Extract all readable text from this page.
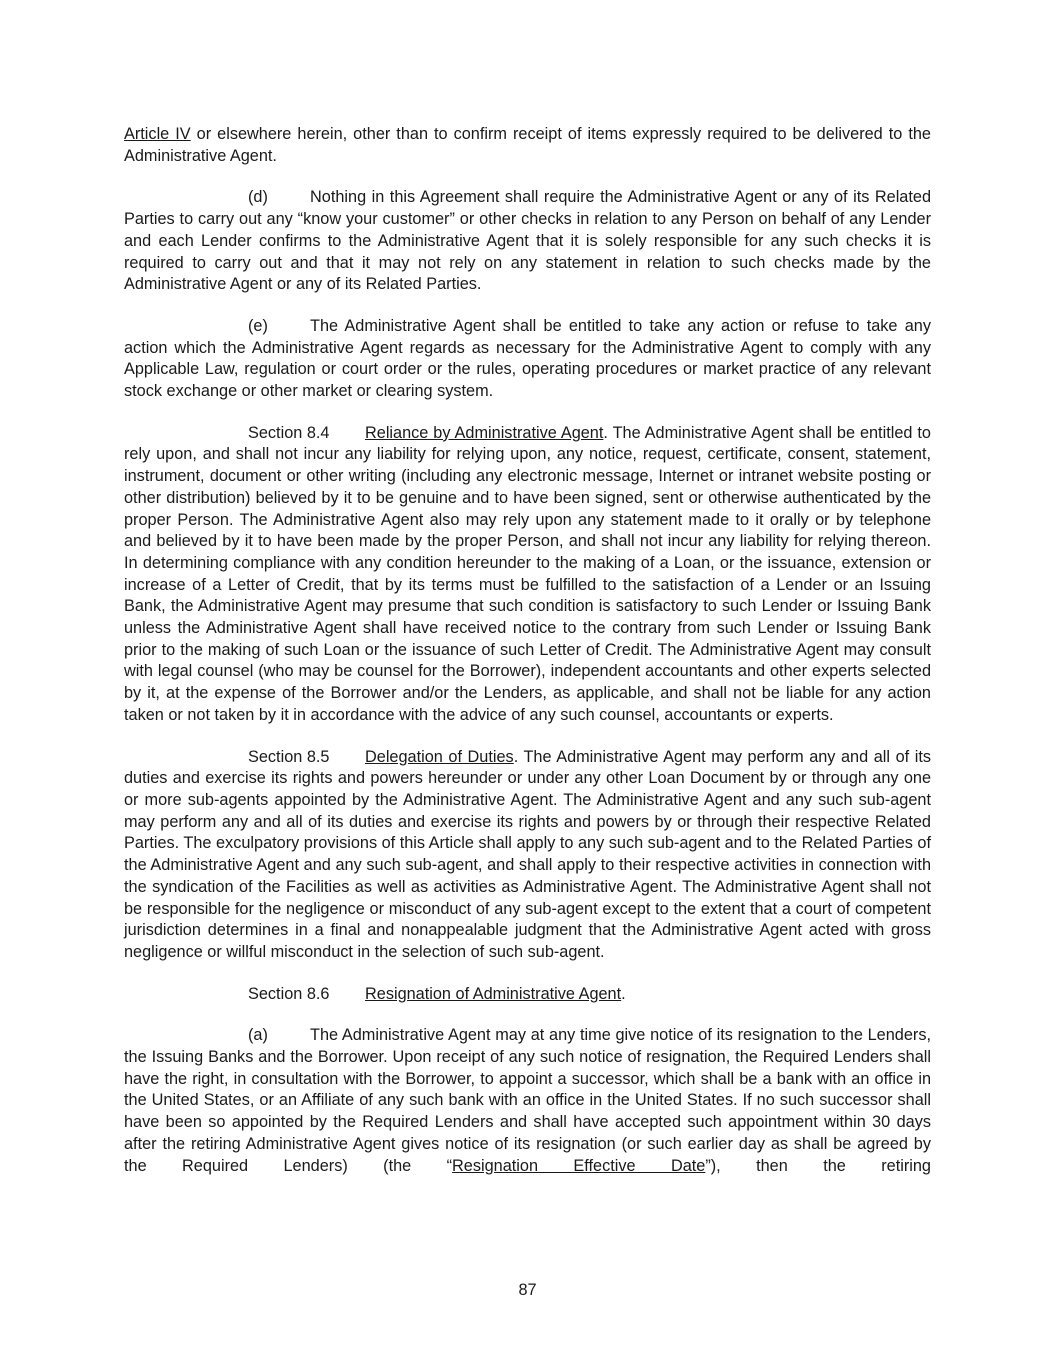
Article IV or elsewhere herein, other than to confirm receipt of items expressly required to be delivered to the Administrative Agent.

(d)	Nothing in this Agreement shall require the Administrative Agent or any of its Related Parties to carry out any “know your customer” or other checks in relation to any Person on behalf of any Lender and each Lender confirms to the Administrative Agent that it is solely responsible for any such checks it is required to carry out and that it may not rely on any statement in relation to such checks made by the Administrative Agent or any of its Related Parties.

(e)	The Administrative Agent shall be entitled to take any action or refuse to take any action which the Administrative Agent regards as necessary for the Administrative Agent to comply with any Applicable Law, regulation or court order or the rules, operating procedures or market practice of any relevant stock exchange or other market or clearing system.

Section 8.4 Reliance by Administrative Agent. The Administrative Agent shall be entitled to rely upon, and shall not incur any liability for relying upon, any notice, request, certificate, consent, statement, instrument, document or other writing (including any electronic message, Internet or intranet website posting or other distribution) believed by it to be genuine and to have been signed, sent or otherwise authenticated by the proper Person. The Administrative Agent also may rely upon any statement made to it orally or by telephone and believed by it to have been made by the proper Person, and shall not incur any liability for relying thereon. In determining compliance with any condition hereunder to the making of a Loan, or the issuance, extension or increase of a Letter of Credit, that by its terms must be fulfilled to the satisfaction of a Lender or an Issuing Bank, the Administrative Agent may presume that such condition is satisfactory to such Lender or Issuing Bank unless the Administrative Agent shall have received notice to the contrary from such Lender or Issuing Bank prior to the making of such Loan or the issuance of such Letter of Credit. The Administrative Agent may consult with legal counsel (who may be counsel for the Borrower), independent accountants and other experts selected by it, at the expense of the Borrower and/or the Lenders, as applicable, and shall not be liable for any action taken or not taken by it in accordance with the advice of any such counsel, accountants or experts.

Section 8.5 Delegation of Duties. The Administrative Agent may perform any and all of its duties and exercise its rights and powers hereunder or under any other Loan Document by or through any one or more sub-agents appointed by the Administrative Agent. The Administrative Agent and any such sub-agent may perform any and all of its duties and exercise its rights and powers by or through their respective Related Parties. The exculpatory provisions of this Article shall apply to any such sub-agent and to the Related Parties of the Administrative Agent and any such sub-agent, and shall apply to their respective activities in connection with the syndication of the Facilities as well as activities as Administrative Agent. The Administrative Agent shall not be responsible for the negligence or misconduct of any sub-agent except to the extent that a court of competent jurisdiction determines in a final and nonappealable judgment that the Administrative Agent acted with gross negligence or willful misconduct in the selection of such sub-agent.

Section 8.6 Resignation of Administrative Agent.

(a)	The Administrative Agent may at any time give notice of its resignation to the Lenders, the Issuing Banks and the Borrower. Upon receipt of any such notice of resignation, the Required Lenders shall have the right, in consultation with the Borrower, to appoint a successor, which shall be a bank with an office in the United States, or an Affiliate of any such bank with an office in the United States. If no such successor shall have been so appointed by the Required Lenders and shall have accepted such appointment within 30 days after the retiring Administrative Agent gives notice of its resignation (or such earlier day as shall be agreed by the Required Lenders) (the “Resignation Effective Date”), then the retiring

87
